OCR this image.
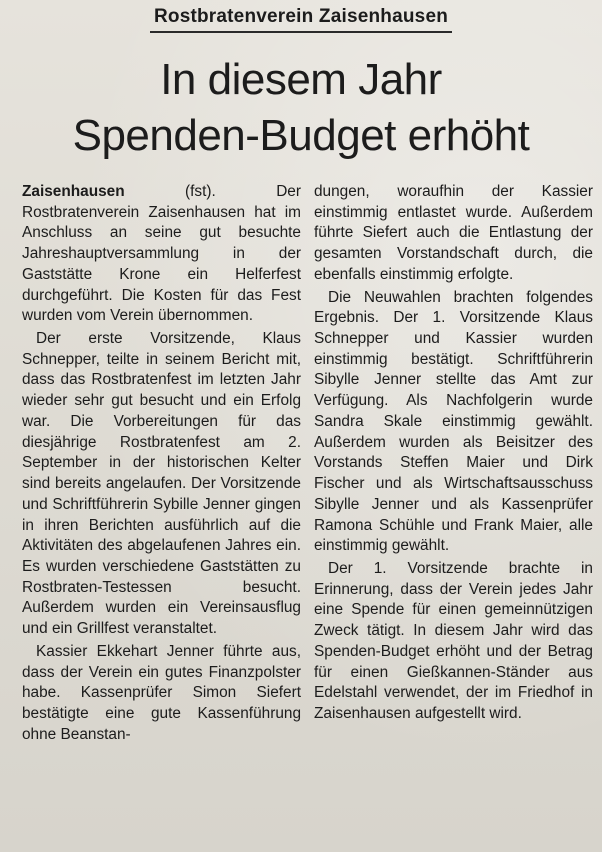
Rostbratenverein Zaisenhausen
In diesem Jahr
Spenden-Budget erhöht

Zaisenhausen	(fst). Der Rostbratenverein Zaisenhausen hat im Anschluss an seine gut besuchte Jahreshauptversammlung in der Gaststätte Krone ein Helferfest durchgeführt. Die Kosten für das Fest wurden vom Verein übernommen.

Der erste Vorsitzende, Klaus Schnepper, teilte in seinem Bericht mit, dass das Rostbratenfest im letzten Jahr wieder sehr gut besucht und ein Erfolg war. Die Vorbereitungen für das diesjährige Rostbratenfest am 2. September in der historischen Kelter sind bereits angelaufen. Der Vorsitzende und Schriftführerin Sybille Jenner gingen in ihren Berichten ausführlich auf die Aktivitäten des abgelaufenen Jahres ein. Es wurden verschiedene Gaststätten zu Rostbraten-Testessen besucht. Außerdem wurden ein Vereinsausflug und ein Grillfest veranstaltet.

Kassier Ekkehart Jenner führte aus, dass der Verein ein gutes Finanzpolster habe. Kassenprüfer Simon Siefert bestätigte eine gute Kassenführung ohne Beanstan-

dungen, woraufhin der Kassier einstimmig entlastet wurde. Außerdem führte Siefert auch die Entlastung der gesamten Vorstandschaft durch, die ebenfalls einstimmig erfolgte.

Die Neuwahlen brachten folgendes Ergebnis. Der 1. Vorsitzende Klaus Schnepper und Kassier wurden einstimmig bestätigt. Schriftführerin Sibylle Jenner stellte das Amt zur Verfügung. Als Nachfolgerin wurde Sandra Skale einstimmig gewählt. Außerdem wurden als Beisitzer des Vorstands Steffen Maier und Dirk Fischer und als Wirtschaftsausschuss Sibylle Jenner und als Kassenprüfer Ramona Schühle und Frank Maier, alle einstimmig gewählt.

Der 1. Vorsitzende brachte in Erinnerung, dass der Verein jedes Jahr eine Spende für einen gemeinnützigen Zweck tätigt. In diesem Jahr wird das Spenden-Budget erhöht und der Betrag für einen Gießkannen-Ständer aus Edelstahl verwendet, der im Friedhof in Zaisenhausen aufgestellt wird.
